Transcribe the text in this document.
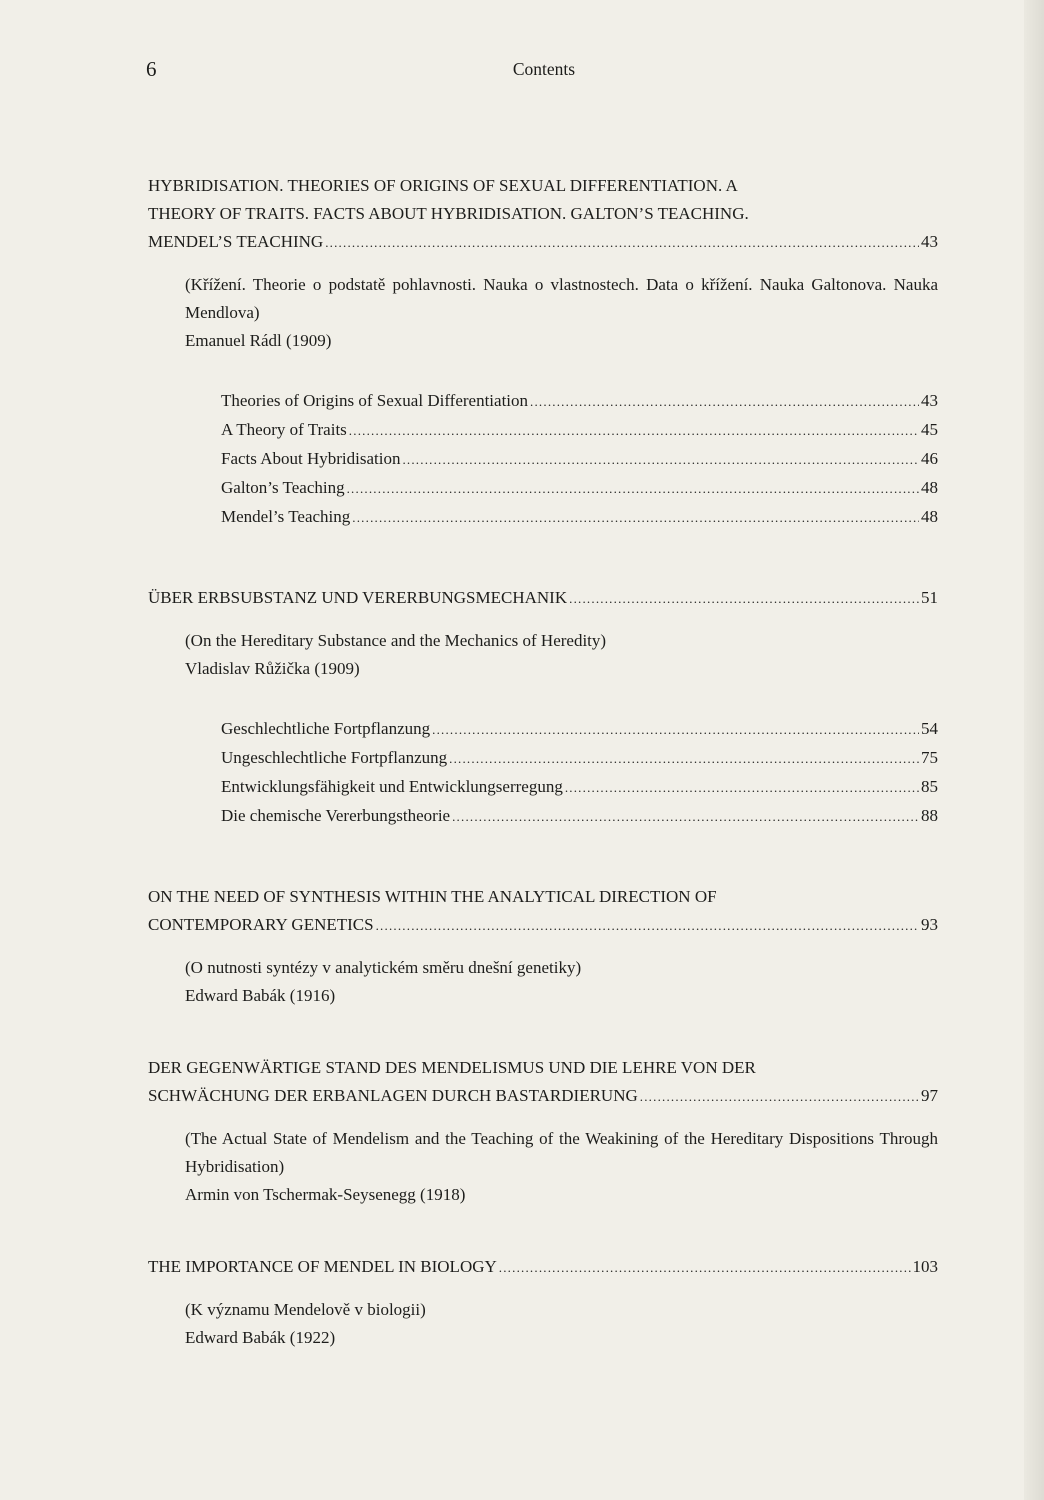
6	Contents
HYBRIDISATION. THEORIES OF ORIGINS OF SEXUAL DIFFERENTIATION. A
THEORY OF TRAITS. FACTS ABOUT HYBRIDISATION. GALTON’S TEACHING.
MENDEL’S TEACHING .....	43
(Křížení. Theorie o podstatě pohlavnosti. Nauka o vlastnostech. Data o křížení. Nauka Galtonova. Nauka Mendlova)
Emanuel Rádl (1909)
Theories of Origins of Sexual Differentiation .....	43
A Theory of Traits .....	45
Facts About Hybridisation .....	46
Galton’s Teaching .....	48
Mendel’s Teaching .....	48
ÜBER ERBSUBSTANZ UND VERERBUNGSMECHANIK .....	51
(On the Hereditary Substance and the Mechanics of Heredity)
Vladislav Růžička (1909)
Geschlechtliche Fortpflanzung .....	54
Ungeschlechtliche Fortpflanzung .....	75
Entwicklungsfähigkeit und Entwicklungserregung .....	85
Die chemische Vererbungstheorie .....	88
ON THE NEED OF SYNTHESIS WITHIN THE ANALYTICAL DIRECTION OF
CONTEMPORARY GENETICS .....	93
(O nutnosti syntézy v analytickém směru dnešní genetiky)
Edward Babák (1916)
DER GEGENWÄRTIGE STAND DES MENDELISMUS UND DIE LEHRE VON DER
SCHWÄCHUNG DER ERBANLAGEN DURCH BASTARDIERUNG .....	97
(The Actual State of Mendelism and the Teaching of the Weakining of the Hereditary Dispositions Through Hybridisation)
Armin von Tschermak-Seysenegg (1918)
THE IMPORTANCE OF MENDEL IN BIOLOGY .....	103
(K významu Mendelově v biologii)
Edward Babák (1922)
